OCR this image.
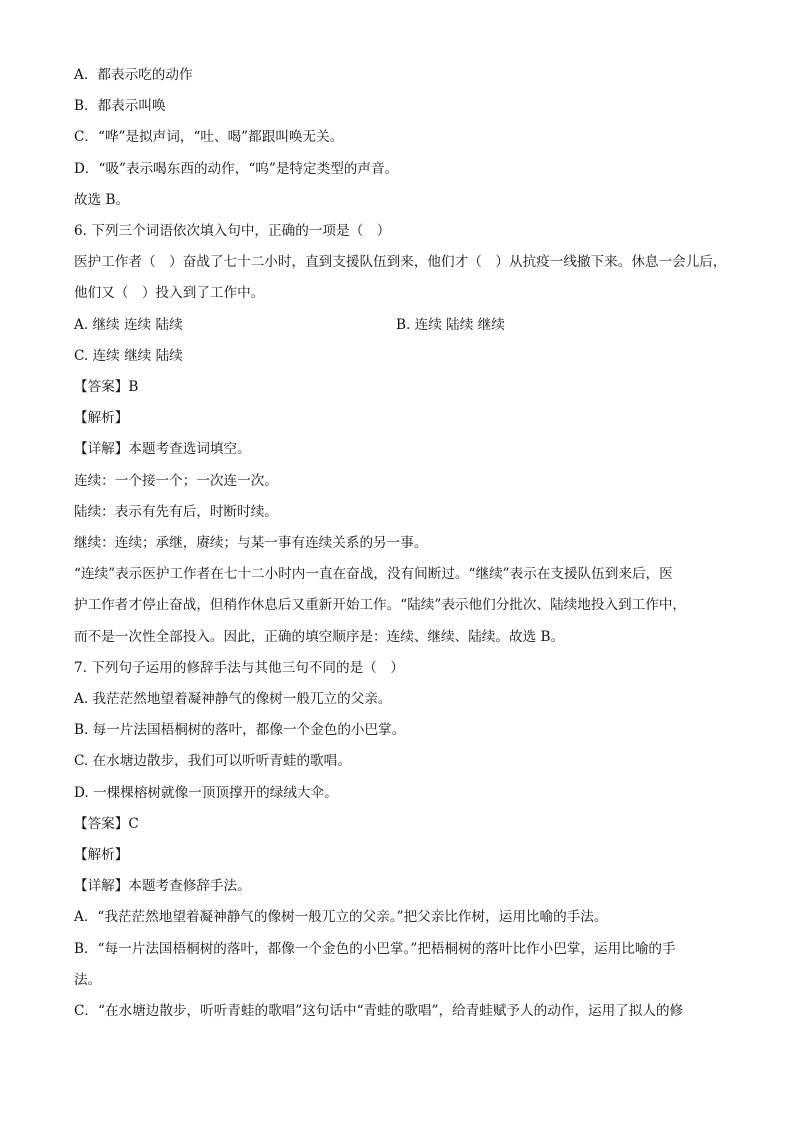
A．都表示吃的动作

B．都表示叫唤

C．“哗”是拟声词，“吐、喝”都跟叫唤无关。

D．“吸”表示喝东西的动作，“呜”是特定类型的声音。

故选 B。

6. 下列三个词语依次填入句中，正确的一项是（　）

医护工作者（　）奋战了七十二小时，直到支援队伍到来，他们才（　）从抗疫一线撤下来。休息一会儿后，

他们又（　）投入到了工作中。

A. 继续 连续 陆续	B. 连续 陆续 继续

C. 连续 继续 陆续

【答案】B

【解析】

【详解】本题考查选词填空。

连续：一个接一个；一次连一次。

陆续：表示有先有后，时断时续。

继续：连续；承继，赓续；与某一事有连续关系的另一事。

“连续”表示医护工作者在七十二小时内一直在奋战，没有间断过。“继续”表示在支援队伍到来后，医

护工作者才停止奋战，但稍作休息后又重新开始工作。“陆续”表示他们分批次、陆续地投入到工作中，

而不是一次性全部投入。因此，正确的填空顺序是：连续、继续、陆续。故选 B。

7. 下列句子运用的修辞手法与其他三句不同的是（　）

A. 我茫茫然地望着凝神静气的像树一般兀立的父亲。

B. 每一片法国梧桐树的落叶，都像一个金色的小巴掌。

C. 在水塘边散步，我们可以听听青蛙的歌唱。

D. 一棵棵榕树就像一顶顶撑开的绿绒大伞。

【答案】C

【解析】

【详解】本题考查修辞手法。

A．“我茫茫然地望着凝神静气的像树一般兀立的父亲。”把父亲比作树，运用比喻的手法。

B．“每一片法国梧桐树的落叶，都像一个金色的小巴掌。”把梧桐树的落叶比作小巴掌，运用比喻的手

法。

C．“在水塘边散步，听听青蛙的歌唱”这句话中“青蛙的歌唱”，给青蛙赋予人的动作，运用了拟人的修
